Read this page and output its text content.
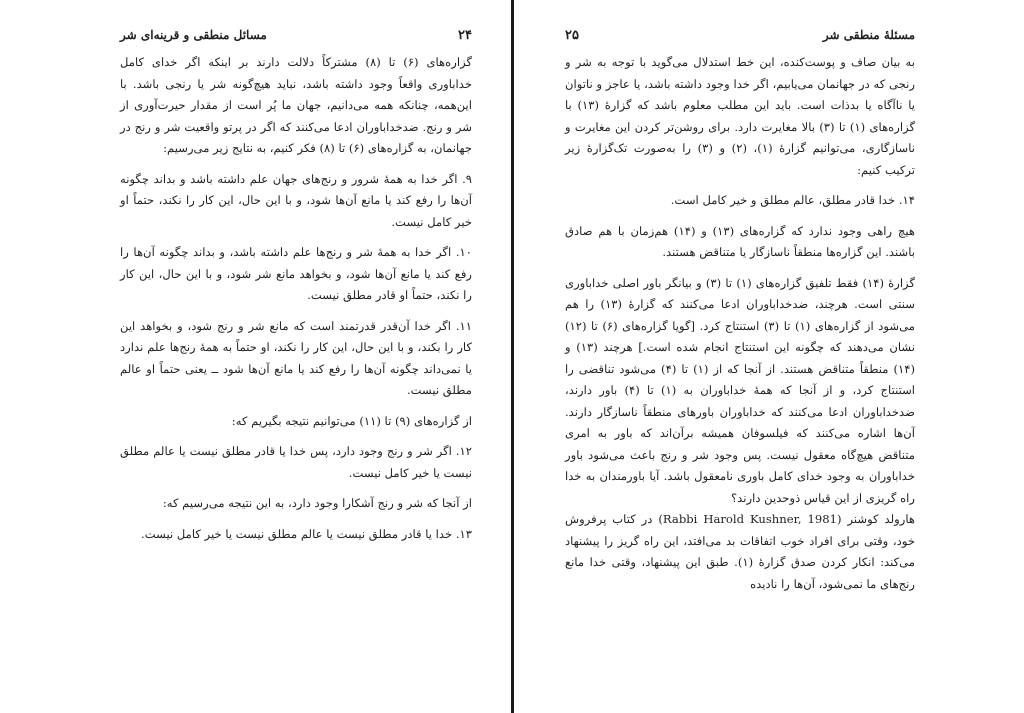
۲۴
مسائل منطقی و قرینه‌ای شر

گزاره‌های (۶) تا (۸) مشترکاً دلالت دارند بر اینکه اگر خدای کامل خداباوری واقعاً وجود داشته باشد، نباید هیچ‌گونه شر یا رنجی باشد. با این‌همه، چنانکه همه می‌دانیم، جهان ما پُر است از مقدار حیرت‌آوری از شر و رنج. ضدخداباوران ادعا می‌کنند که اگر در پرتو واقعیت شر و رنج در جهانمان، به گزاره‌های (۶) تا (۸) فکر کنیم، به نتایج زیر می‌رسیم:

۹. اگر خدا به همهٔ شرور و رنج‌های جهان علم داشته باشد و بداند چگونه آن‌ها را رفع کند یا مانع آن‌ها شود، و با این حال، این کار را نکند، حتماً او خیر کامل نیست.

۱۰. اگر خدا به همهٔ شر و رنج‌ها علم داشته باشد، و بداند چگونه آن‌ها را رفع کند یا مانع آن‌ها شود، و بخواهد مانع شر شود، و با این حال، این کار را نکند، حتماً او قادر مطلق نیست.

۱۱. اگر خدا آن‌قدر قدرتمند است که مانع شر و رنج شود، و بخواهد این کار را بکند، و با این حال، این کار را نکند، او حتماً به همهٔ رنج‌ها علم ندارد یا نمی‌داند چگونه آن‌ها را رفع کند یا مانع آن‌ها شود ــ یعنی حتماً او عالم مطلق نیست.

از گزاره‌های (۹) تا (۱۱) می‌توانیم نتیجه بگیریم که:

۱۲. اگر شر و رنج وجود دارد، پس خدا یا قادر مطلق نیست یا عالم مطلق نیست یا خیر کامل نیست.

از آنجا که شر و رنج آشکارا وجود دارد، به این نتیجه می‌رسیم که:

۱۳. خدا یا قادر مطلق نیست یا عالم مطلق نیست یا خیر کامل نیست.

مسئلهٔ منطقی شر
۲۵

به بیان صاف و پوست‌کنده، این خط استدلال می‌گوید با توجه به شر و رنجی که در جهانمان می‌یابیم، اگر خدا وجود داشته باشد، یا عاجز و ناتوان یا ناآگاه یا بدذات است. باید این مطلب معلوم باشد که گزارهٔ (۱۳) با گزاره‌های (۱) تا (۳) بالا مغایرت دارد. برای روشن‌تر کردن این مغایرت و ناسازگاری، می‌توانیم گزارهٔ (۱)، (۲) و (۳) را به‌صورت تک‌گزارهٔ زیر ترکیب کنیم:

۱۴. خدا قادر مطلق، عالم مطلق و خیر کامل است.

هیچ راهی وجود ندارد که گزاره‌های (۱۳) و (۱۴) هم‌زمان با هم صادق باشند. این گزاره‌ها منطقاً ناسازگار یا متناقض هستند.

گزارهٔ (۱۴) فقط تلفیق گزاره‌های (۱) تا (۳) و بیانگر باور اصلی خداباوری سنتی است. هرچند، ضدخداباوران ادعا می‌کنند که گزارهٔ (۱۳) را هم می‌شود از گزاره‌های (۱) تا (۳) استنتاج کرد. [گویا گزاره‌های (۶) تا (۱۲) نشان می‌دهند که چگونه این استنتاج انجام شده است.] هرچند (۱۳) و (۱۴) منطقاً متناقض هستند. از آنجا که از (۱) تا (۴) می‌شود تناقضی را استنتاج کرد، و از آنجا که همهٔ خداباوران به (۱) تا (۴) باور دارند، ضدخداباوران ادعا می‌کنند که خداباوران باورهای منطقاً ناسازگار دارند. آن‌ها اشاره می‌کنند که فیلسوفان همیشه برآن‌اند که باور به امری متناقض هیچ‌گاه معقول نیست. پس وجود شر و رنج باعث می‌شود باور خداباوران به وجود خدای کامل باوری نامعقول باشد. آیا باورمندان به خدا راه گریزی از این قیاس ذوحدین دارند؟

هارولد کوشنر (Rabbi Harold Kushner, 1981) در کتاب پرفروش خود، وقتی برای افراد خوب اتفاقات بد می‌افتد، این راه گریز را پیشنهاد می‌کند: انکار کردن صدق گزارهٔ (۱). طبق این پیشنهاد، وقتی خدا مانع رنج‌های ما نمی‌شود، آن‌ها را نادیده
